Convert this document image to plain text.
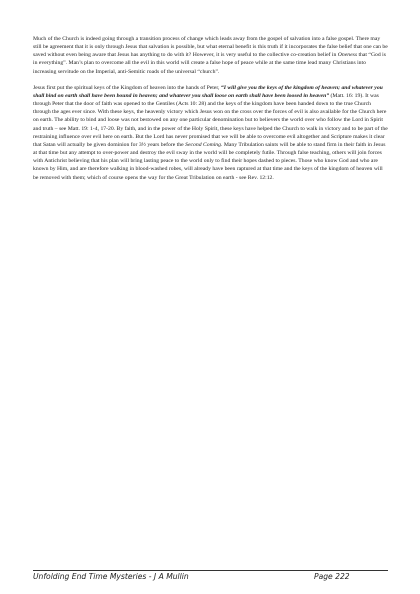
Much of the Church is indeed going through a transition process of change which leads away from the gospel of salvation into a false gospel. There may still be agreement that it is only through Jesus that salvation is possible, but what eternal benefit is this truth if it incorporates the false belief that one can be saved without even being aware that Jesus has anything to do with it? However, it is very useful to the collective co-creation belief in Oneness that “God is in everything”. Man’s plan to overcome all the evil in this world will create a false hope of peace while at the same time lead many Christians into increasing servitude on the Imperial, anti-Semitic roads of the universal “church”.

Jesus first put the spiritual keys of the Kingdom of heaven into the hands of Peter, “I will give you the keys of the kingdom of heaven; and whatever you shall bind on earth shall have been bound in heaven; and whatever you shall loose on earth shall have been loosed in heaven” (Matt. 16: 19). It was through Peter that the door of faith was opened to the Gentiles (Acts 10: 28) and the keys of the kingdom have been handed down to the true Church through the ages ever since. With these keys, the heavenly victory which Jesus won on the cross over the forces of evil is also available for the Church here on earth. The ability to bind and loose was not bestowed on any one particular denomination but to believers the world over who follow the Lord in Spirit and truth – see Matt. 19: 1-4, 17-20. By faith, and in the power of the Holy Spirit, these keys have helped the Church to walk in victory and to be part of the restraining influence over evil here on earth. But the Lord has never promised that we will be able to overcome evil altogether and Scripture makes it clear that Satan will actually be given dominion for 3½ years before the Second Coming. Many Tribulation saints will be able to stand firm in their faith in Jesus at that time but any attempt to over-power and destroy the evil sway in the world will be completely futile. Through false teaching, others will join forces with Antichrist believing that his plan will bring lasting peace to the world only to find their hopes dashed to pieces. Those who know God and who are known by Him, and are therefore walking in blood-washed robes, will already have been raptured at that time and the keys of the kingdom of heaven will be removed with them; which of course opens the way for the Great Tribulation on earth - see Rev. 12:12.

Unfolding End Time Mysteries - J A Mullin	Page 222
